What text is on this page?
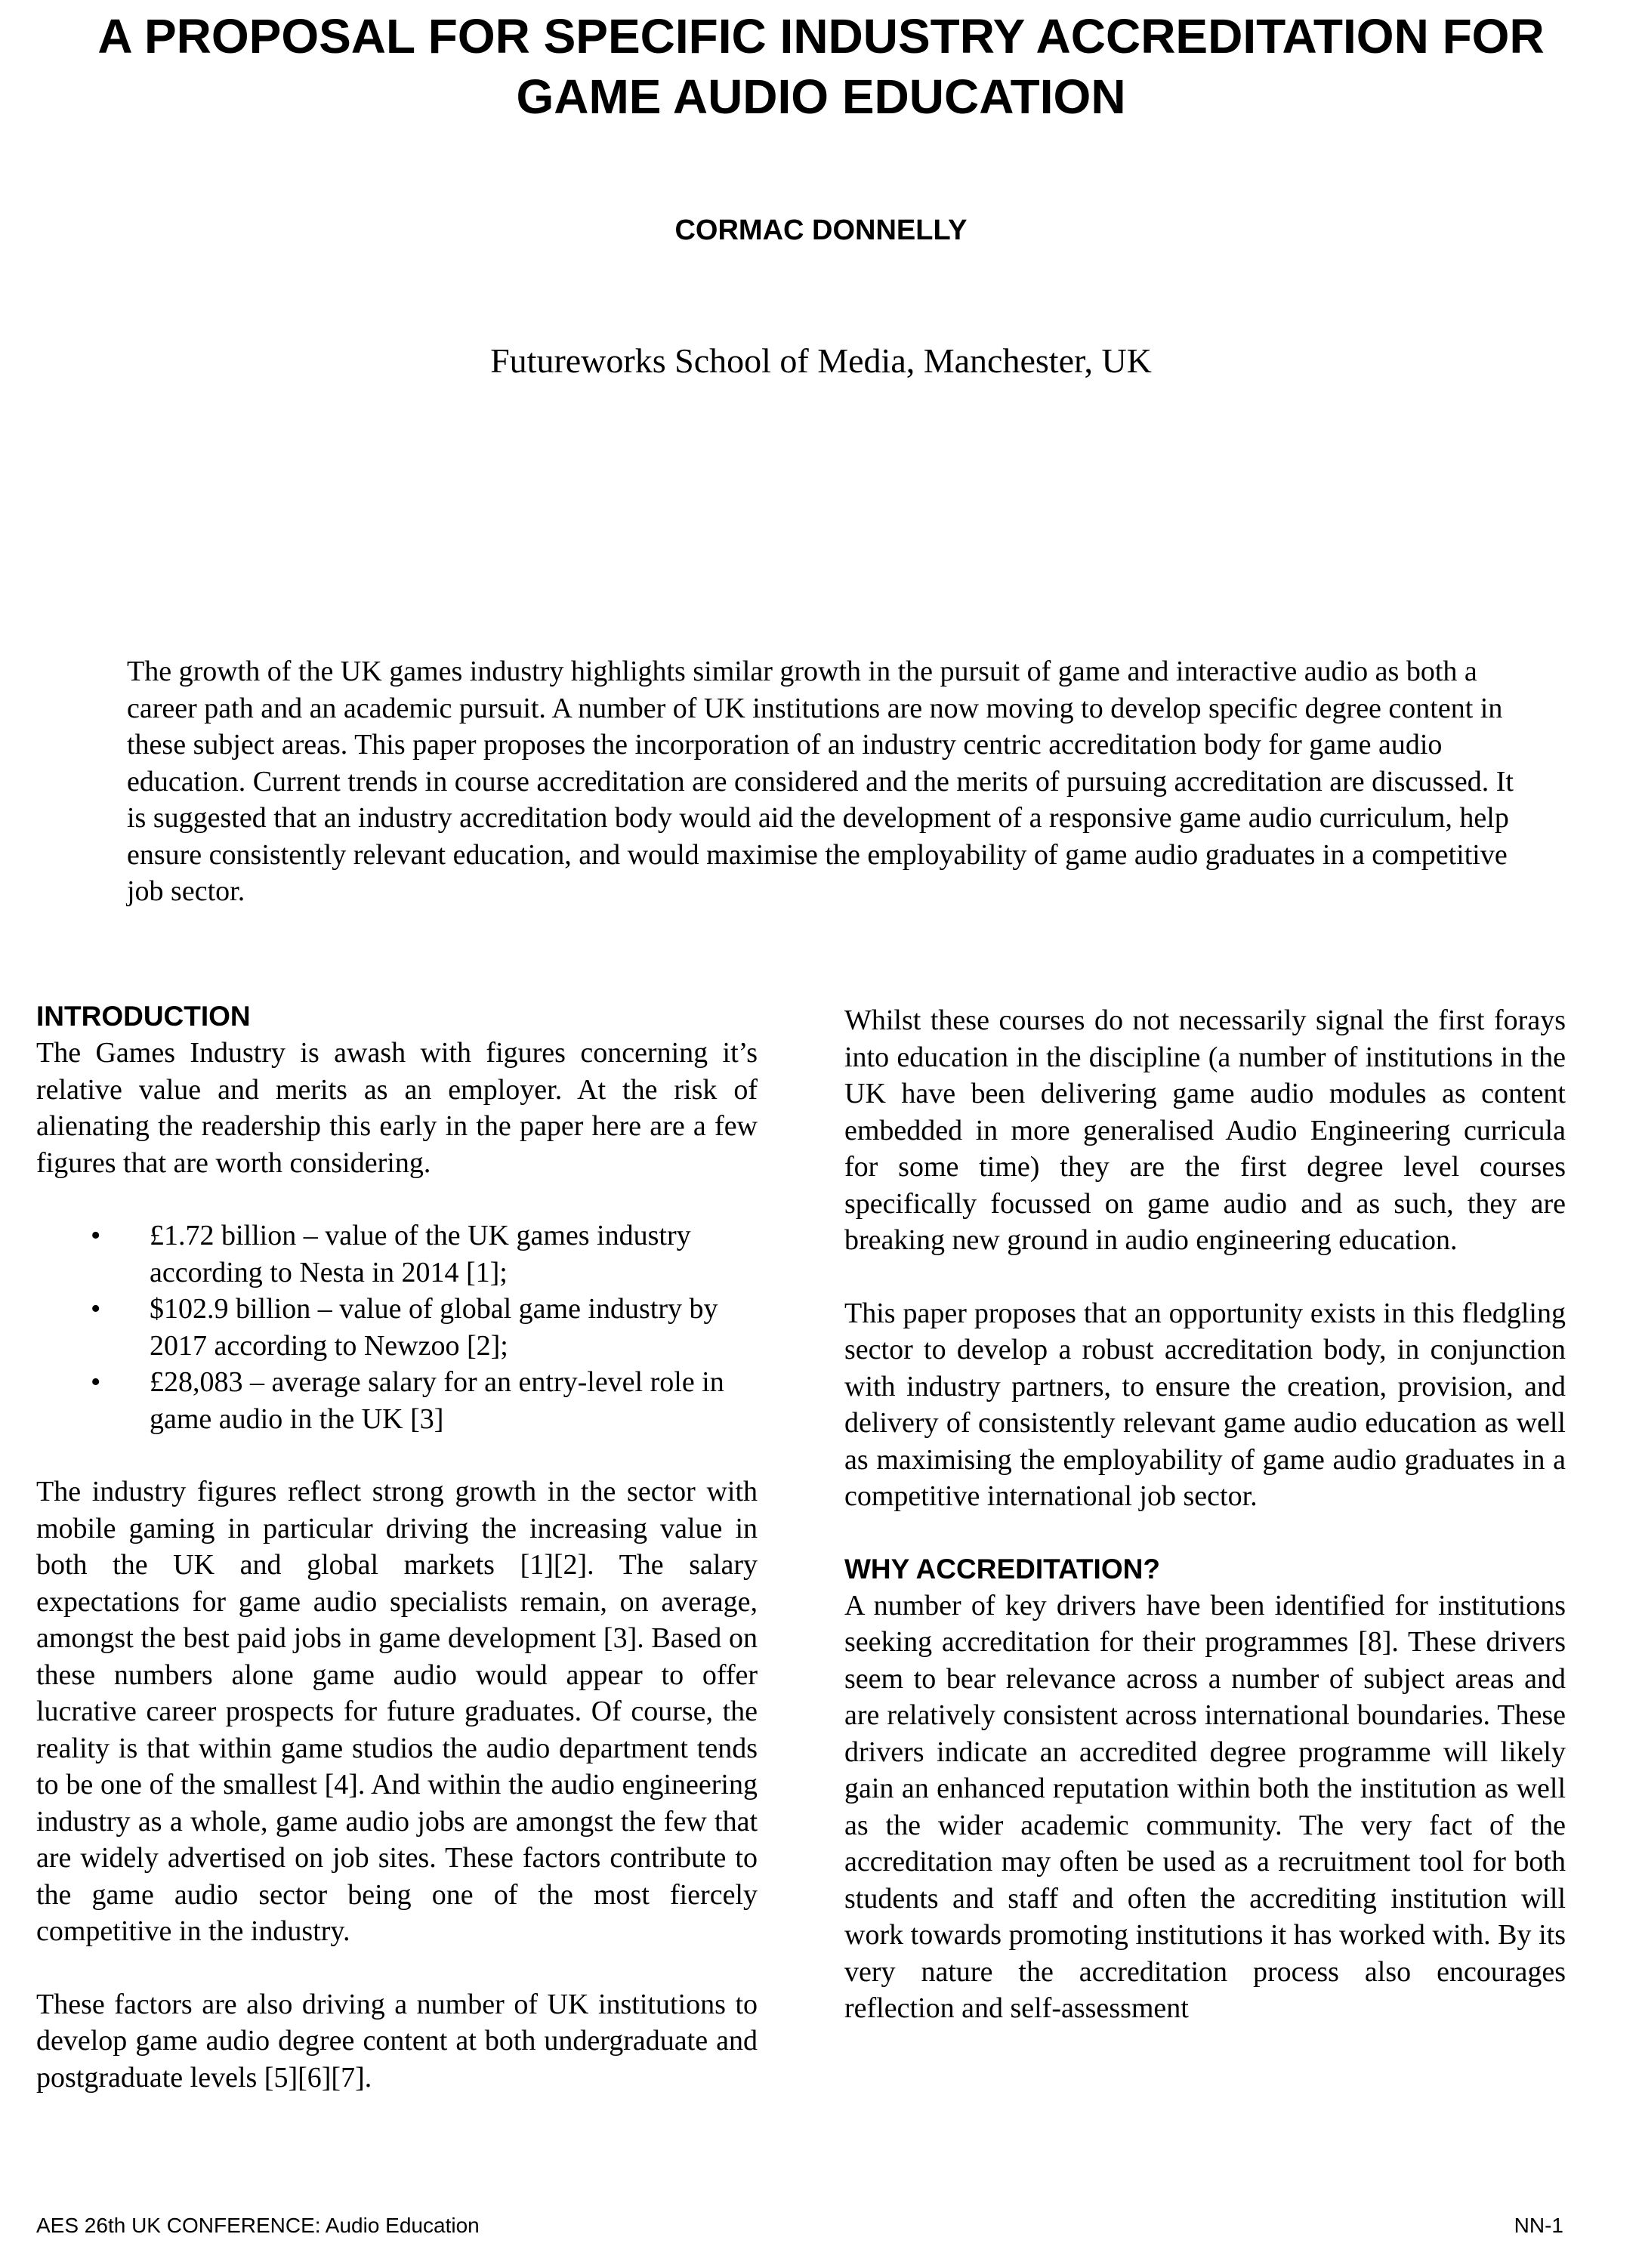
A PROPOSAL FOR SPECIFIC INDUSTRY ACCREDITATION FOR GAME AUDIO EDUCATION
CORMAC DONNELLY
Futureworks School of Media, Manchester, UK

The growth of the UK games industry highlights similar growth in the pursuit of game and interactive audio as both a career path and an academic pursuit. A number of UK institutions are now moving to develop specific degree content in these subject areas. This paper proposes the incorporation of an industry centric accreditation body for game audio education. Current trends in course accreditation are considered and the merits of pursuing accreditation are discussed. It is suggested that an industry accreditation body would aid the development of a responsive game audio curriculum, help ensure consistently relevant education, and would maximise the employability of game audio graduates in a competitive job sector.

INTRODUCTION

The Games Industry is awash with figures concerning it’s relative value and merits as an employer. At the risk of alienating the readership this early in the paper here are a few figures that are worth considering.

• £1.72 billion – value of the UK games industry according to Nesta in 2014 [1];
• $102.9 billion – value of global game industry by 2017 according to Newzoo [2];
• £28,083 – average salary for an entry-level role in game audio in the UK [3]

The industry figures reflect strong growth in the sector with mobile gaming in particular driving the increasing value in both the UK and global markets [1][2]. The salary expectations for game audio specialists remain, on average, amongst the best paid jobs in game development [3]. Based on these numbers alone game audio would appear to offer lucrative career prospects for future graduates. Of course, the reality is that within game studios the audio department tends to be one of the smallest [4]. And within the audio engineering industry as a whole, game audio jobs are amongst the few that are widely advertised on job sites. These factors contribute to the game audio sector being one of the most fiercely competitive in the industry.

These factors are also driving a number of UK institutions to develop game audio degree content at both undergraduate and postgraduate levels [5][6][7].

Whilst these courses do not necessarily signal the first forays into education in the discipline (a number of institutions in the UK have been delivering game audio modules as content embedded in more generalised Audio Engineering curricula for some time) they are the first degree level courses specifically focussed on game audio and as such, they are breaking new ground in audio engineering education.

This paper proposes that an opportunity exists in this fledgling sector to develop a robust accreditation body, in conjunction with industry partners, to ensure the creation, provision, and delivery of consistently relevant game audio education as well as maximising the employability of game audio graduates in a competitive international job sector.

WHY ACCREDITATION?

A number of key drivers have been identified for institutions seeking accreditation for their programmes [8]. These drivers seem to bear relevance across a number of subject areas and are relatively consistent across international boundaries. These drivers indicate an accredited degree programme will likely gain an enhanced reputation within both the institution as well as the wider academic community. The very fact of the accreditation may often be used as a recruitment tool for both students and staff and often the accrediting institution will work towards promoting institutions it has worked with. By its very nature the accreditation process also encourages reflection and self-assessment

AES 26th UK CONFERENCE: Audio Education	NN-1
